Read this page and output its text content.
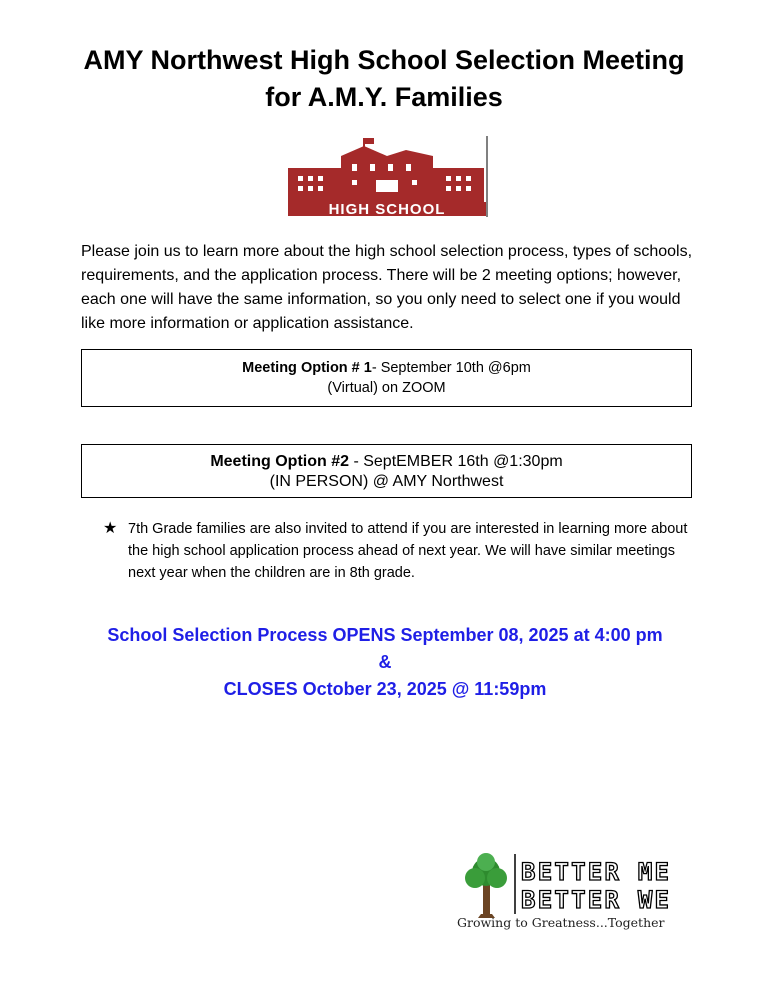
AMY Northwest High School Selection Meeting
for A.M.Y. Families
HIGH SCHOOL
Please join us to learn more about the high school selection process, types of schools, requirements, and the application process. There will be 2 meeting options; however, each one will have the same information, so you only need to select one if you would like more information or application assistance.
Meeting Option # 1- September 10th @6pm
(Virtual) on ZOOM
Meeting Option #2 - SeptEMBER 16th @1:30pm
(IN PERSON) @ AMY Northwest
★ 7th Grade families are also invited to attend if you are interested in learning more about the high school application process ahead of next year. We will have similar meetings next year when the children are in 8th grade.
School Selection Process OPENS September 08, 2025 at 4:00 pm
&
CLOSES October 23, 2025 @ 11:59pm
BETTER ME
BETTER WE
Growing to Greatness...Together
